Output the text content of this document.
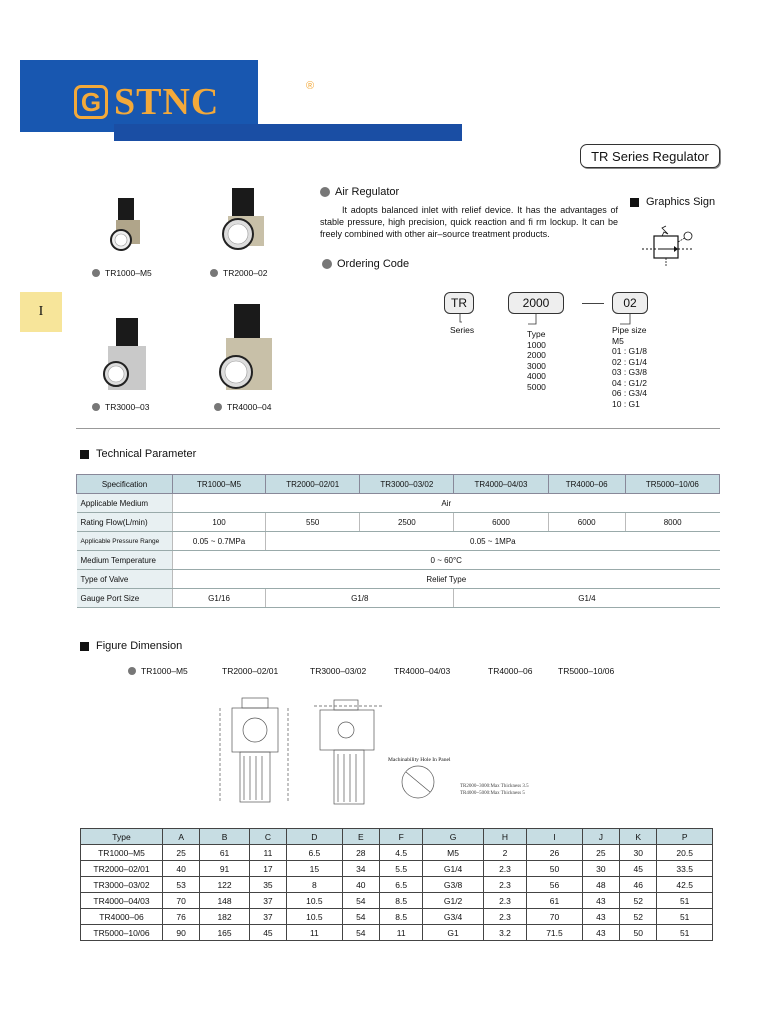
G STNC	®
I
TR Series Regulator
TR1000–M5	TR2000–02
TR3000–03	TR4000–04
Air Regulator
It adopts balanced inlet with relief device. It has the advantages of stable pressure, high precision, quick reaction and fi rm lockup. It can be freely combined with other air–source treatment products.
Graphics Sign
Ordering Code
TR	2000	02
Series	Type
1000
2000
3000
4000
5000
Pipe size
M5
01 : G1/8
02 : G1/4
03 : G3/8
04 : G1/2
06 : G3/4
10 : G1
Technical Parameter
Specification	TR1000–M5	TR2000–02/01	TR3000–03/02	TR4000–04/03	TR4000–06	TR5000–10/06
Applicable Medium	Air					
Rating Flow(L/min)	100	550	2500	6000	6000	8000
Applicable Pressure Range	0.05 ~ 0.7MPa	0.05 ~ 1MPa				
Medium Temperature	0 ~ 60°C					
Type of Valve	Relief Type					
Gauge Port Size	G1/16	G1/8		G1/4		
Figure Dimension
TR1000–M5	TR2000–02/01	TR3000–03/02	TR4000–04/03	TR4000–06	TR5000–10/06
Machinability Hole In Panel
TR2000~3000:Max Thickness 3.5
TR4000~5000:Max Thickness 5
Type	A	B	C	D	E	F	G	H	I	J	K	P
TR1000–M5	25	61	11	6.5	28	4.5	M5	2	26	25	30	20.5
TR2000–02/01	40	91	17	15	34	5.5	G1/4	2.3	50	30	45	33.5
TR3000–03/02	53	122	35	8	40	6.5	G3/8	2.3	56	48	46	42.5
TR4000–04/03	70	148	37	10.5	54	8.5	G1/2	2.3	61	43	52	51
TR4000–06	76	182	37	10.5	54	8.5	G3/4	2.3	70	43	52	51
TR5000–10/06	90	165	45	11	54	11	G1	3.2	71.5	43	50	51
